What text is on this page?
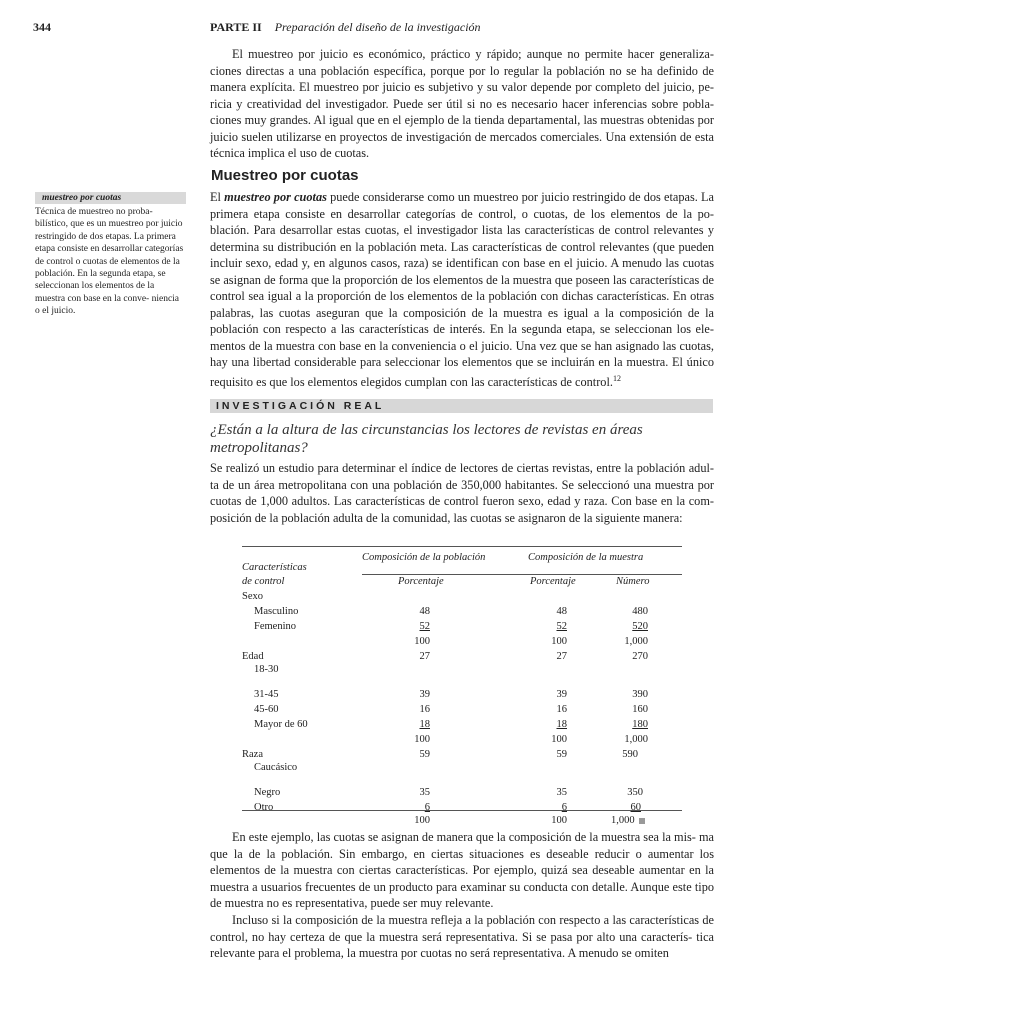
344	PARTE II Preparación del diseño de la investigación

El muestreo por juicio es económico, práctico y rápido; aunque no permite hacer generaliza- ciones directas a una población específica, porque por lo regular la población no se ha definido de manera explícita. El muestreo por juicio es subjetivo y su valor depende por completo del juicio, pe- ricia y creatividad del investigador. Puede ser útil si no es necesario hacer inferencias sobre pobla- ciones muy grandes. Al igual que en el ejemplo de la tienda departamental, las muestras obtenidas por juicio suelen utilizarse en proyectos de investigación de mercados comerciales. Una extensión de esta técnica implica el uso de cuotas.

Muestreo por cuotas
muestreo por cuotas
Técnica de muestreo no proba- bilístico, que es un muestreo por juicio restringido de dos etapas. La primera etapa consiste en desarrollar categorías de control o cuotas de elementos de la población. En la segunda etapa, se seleccionan los elementos de la muestra con base en la conve- niencia o el juicio.

El muestreo por cuotas puede considerarse como un muestreo por juicio restringido de dos etapas. La primera etapa consiste en desarrollar categorías de control, o cuotas, de los elementos de la po- blación. Para desarrollar estas cuotas, el investigador lista las características de control relevantes y determina su distribución en la población meta. Las características de control relevantes (que pueden incluir sexo, edad y, en algunos casos, raza) se identifican con base en el juicio. A menudo las cuotas se asignan de forma que la proporción de los elementos de la muestra que poseen las características de control sea igual a la proporción de los elementos de la población con dichas características. En otras palabras, las cuotas aseguran que la composición de la muestra es igual a la composición de la población con respecto a las características de interés. En la segunda etapa, se seleccionan los ele- mentos de la muestra con base en la conveniencia o el juicio. Una vez que se han asignado las cuotas, hay una libertad considerable para seleccionar los elementos que se incluirán en la muestra. El único requisito es que los elementos elegidos cumplan con las características de control.$^{12}$

INVESTIGACIÓN REAL
¿Están a la altura de las circunstancias los lectores de revistas en áreas metropolitanas?

Se realizó un estudio para determinar el índice de lectores de ciertas revistas, entre la población adul- ta de un área metropolitana con una población de 350,000 habitantes. Se seleccionó una muestra por cuotas de 1,000 adultos. Las características de control fueron sexo, edad y raza. Con base en la com- posición de la población adulta de la comunidad, las cuotas se asignaron de la siguiente manera:

Características
de control
Composición de la población	Composición de la muestra
Porcentaje	Porcentaje	Número
Sexo
Masculino	48	48	480
Femenino	52	52	520
100	100	1,000
Edad	27	27	270
18-30
31-45	39	39	390
45-60	16	16	160
Mayor de 60	18	18	180
100	100	1,000
Raza	59	59	590
Caucásico
Negro	35	35	350
Otro	6	6	60
100	100	1,000

En este ejemplo, las cuotas se asignan de manera que la composición de la muestra sea la mis- ma que la de la población. Sin embargo, en ciertas situaciones es deseable reducir o aumentar los elementos de la muestra con ciertas características. Por ejemplo, quizá sea deseable aumentar en la muestra a usuarios frecuentes de un producto para examinar su conducta con detalle. Aunque este tipo de muestra no es representativa, puede ser muy relevante.

Incluso si la composición de la muestra refleja a la población con respecto a las características de control, no hay certeza de que la muestra será representativa. Si se pasa por alto una caracterís- tica relevante para el problema, la muestra por cuotas no será representativa. A menudo se omiten
